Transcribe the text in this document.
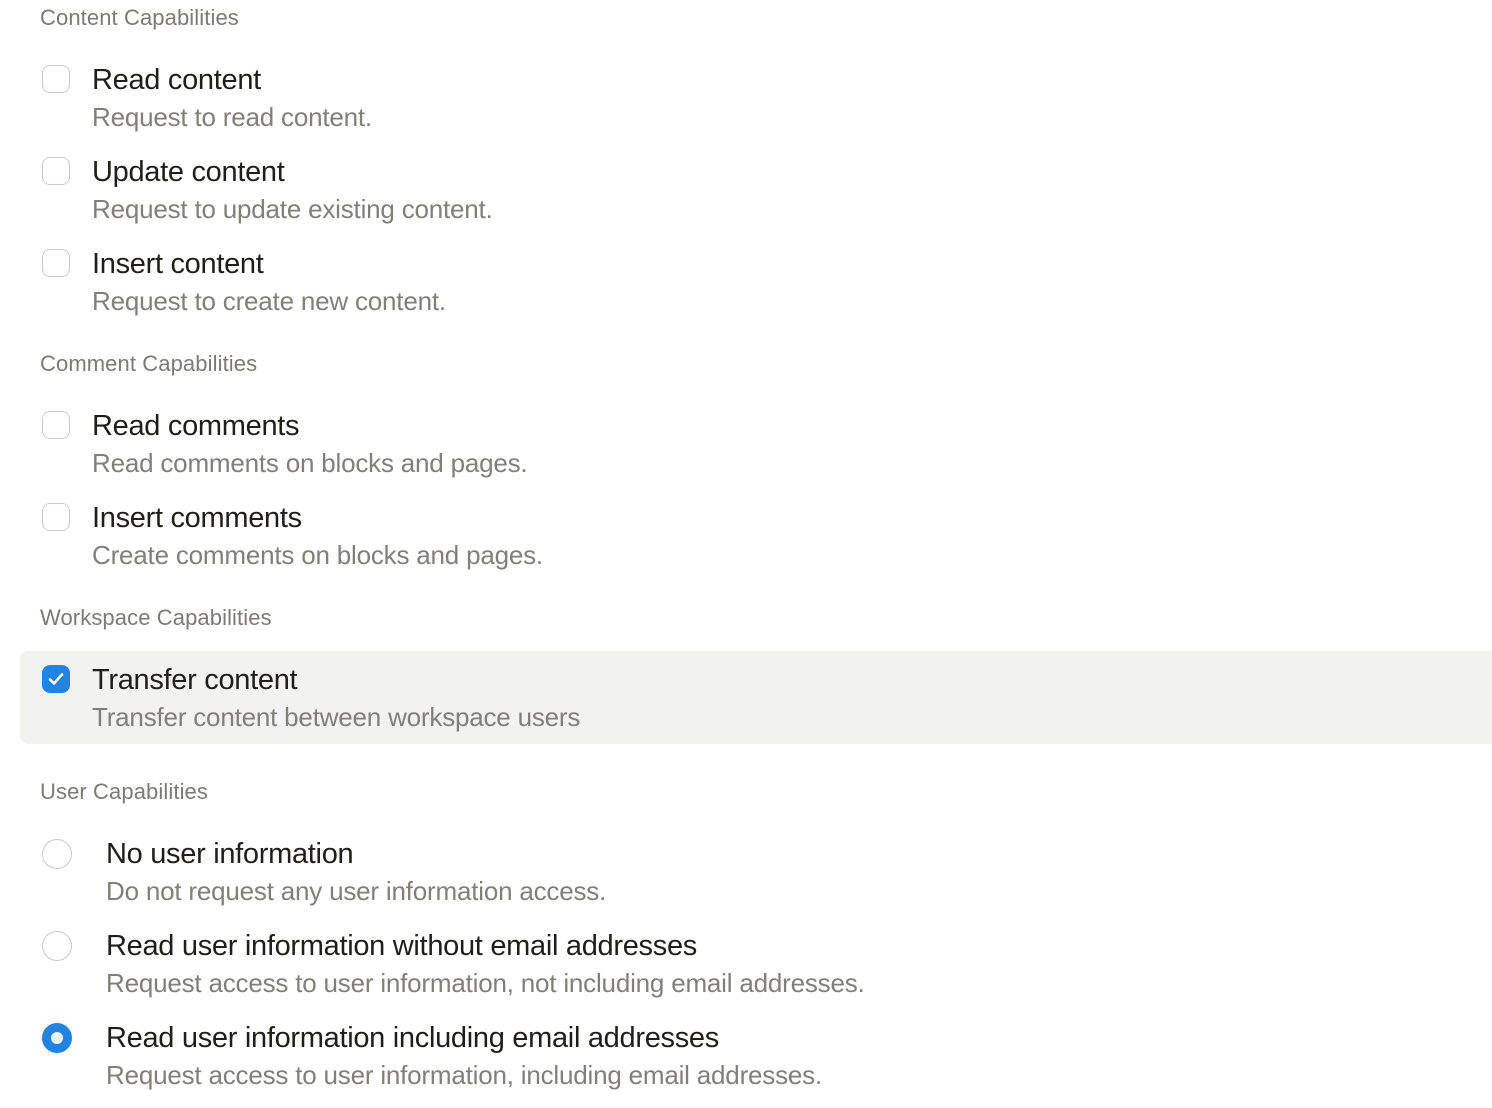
Content Capabilities
Read content
Request to read content.
Update content
Request to update existing content.
Insert content
Request to create new content.
Comment Capabilities
Read comments
Read comments on blocks and pages.
Insert comments
Create comments on blocks and pages.
Workspace Capabilities
Transfer content
Transfer content between workspace users
User Capabilities
No user information
Do not request any user information access.
Read user information without email addresses
Request access to user information, not including email addresses.
Read user information including email addresses
Request access to user information, including email addresses.
